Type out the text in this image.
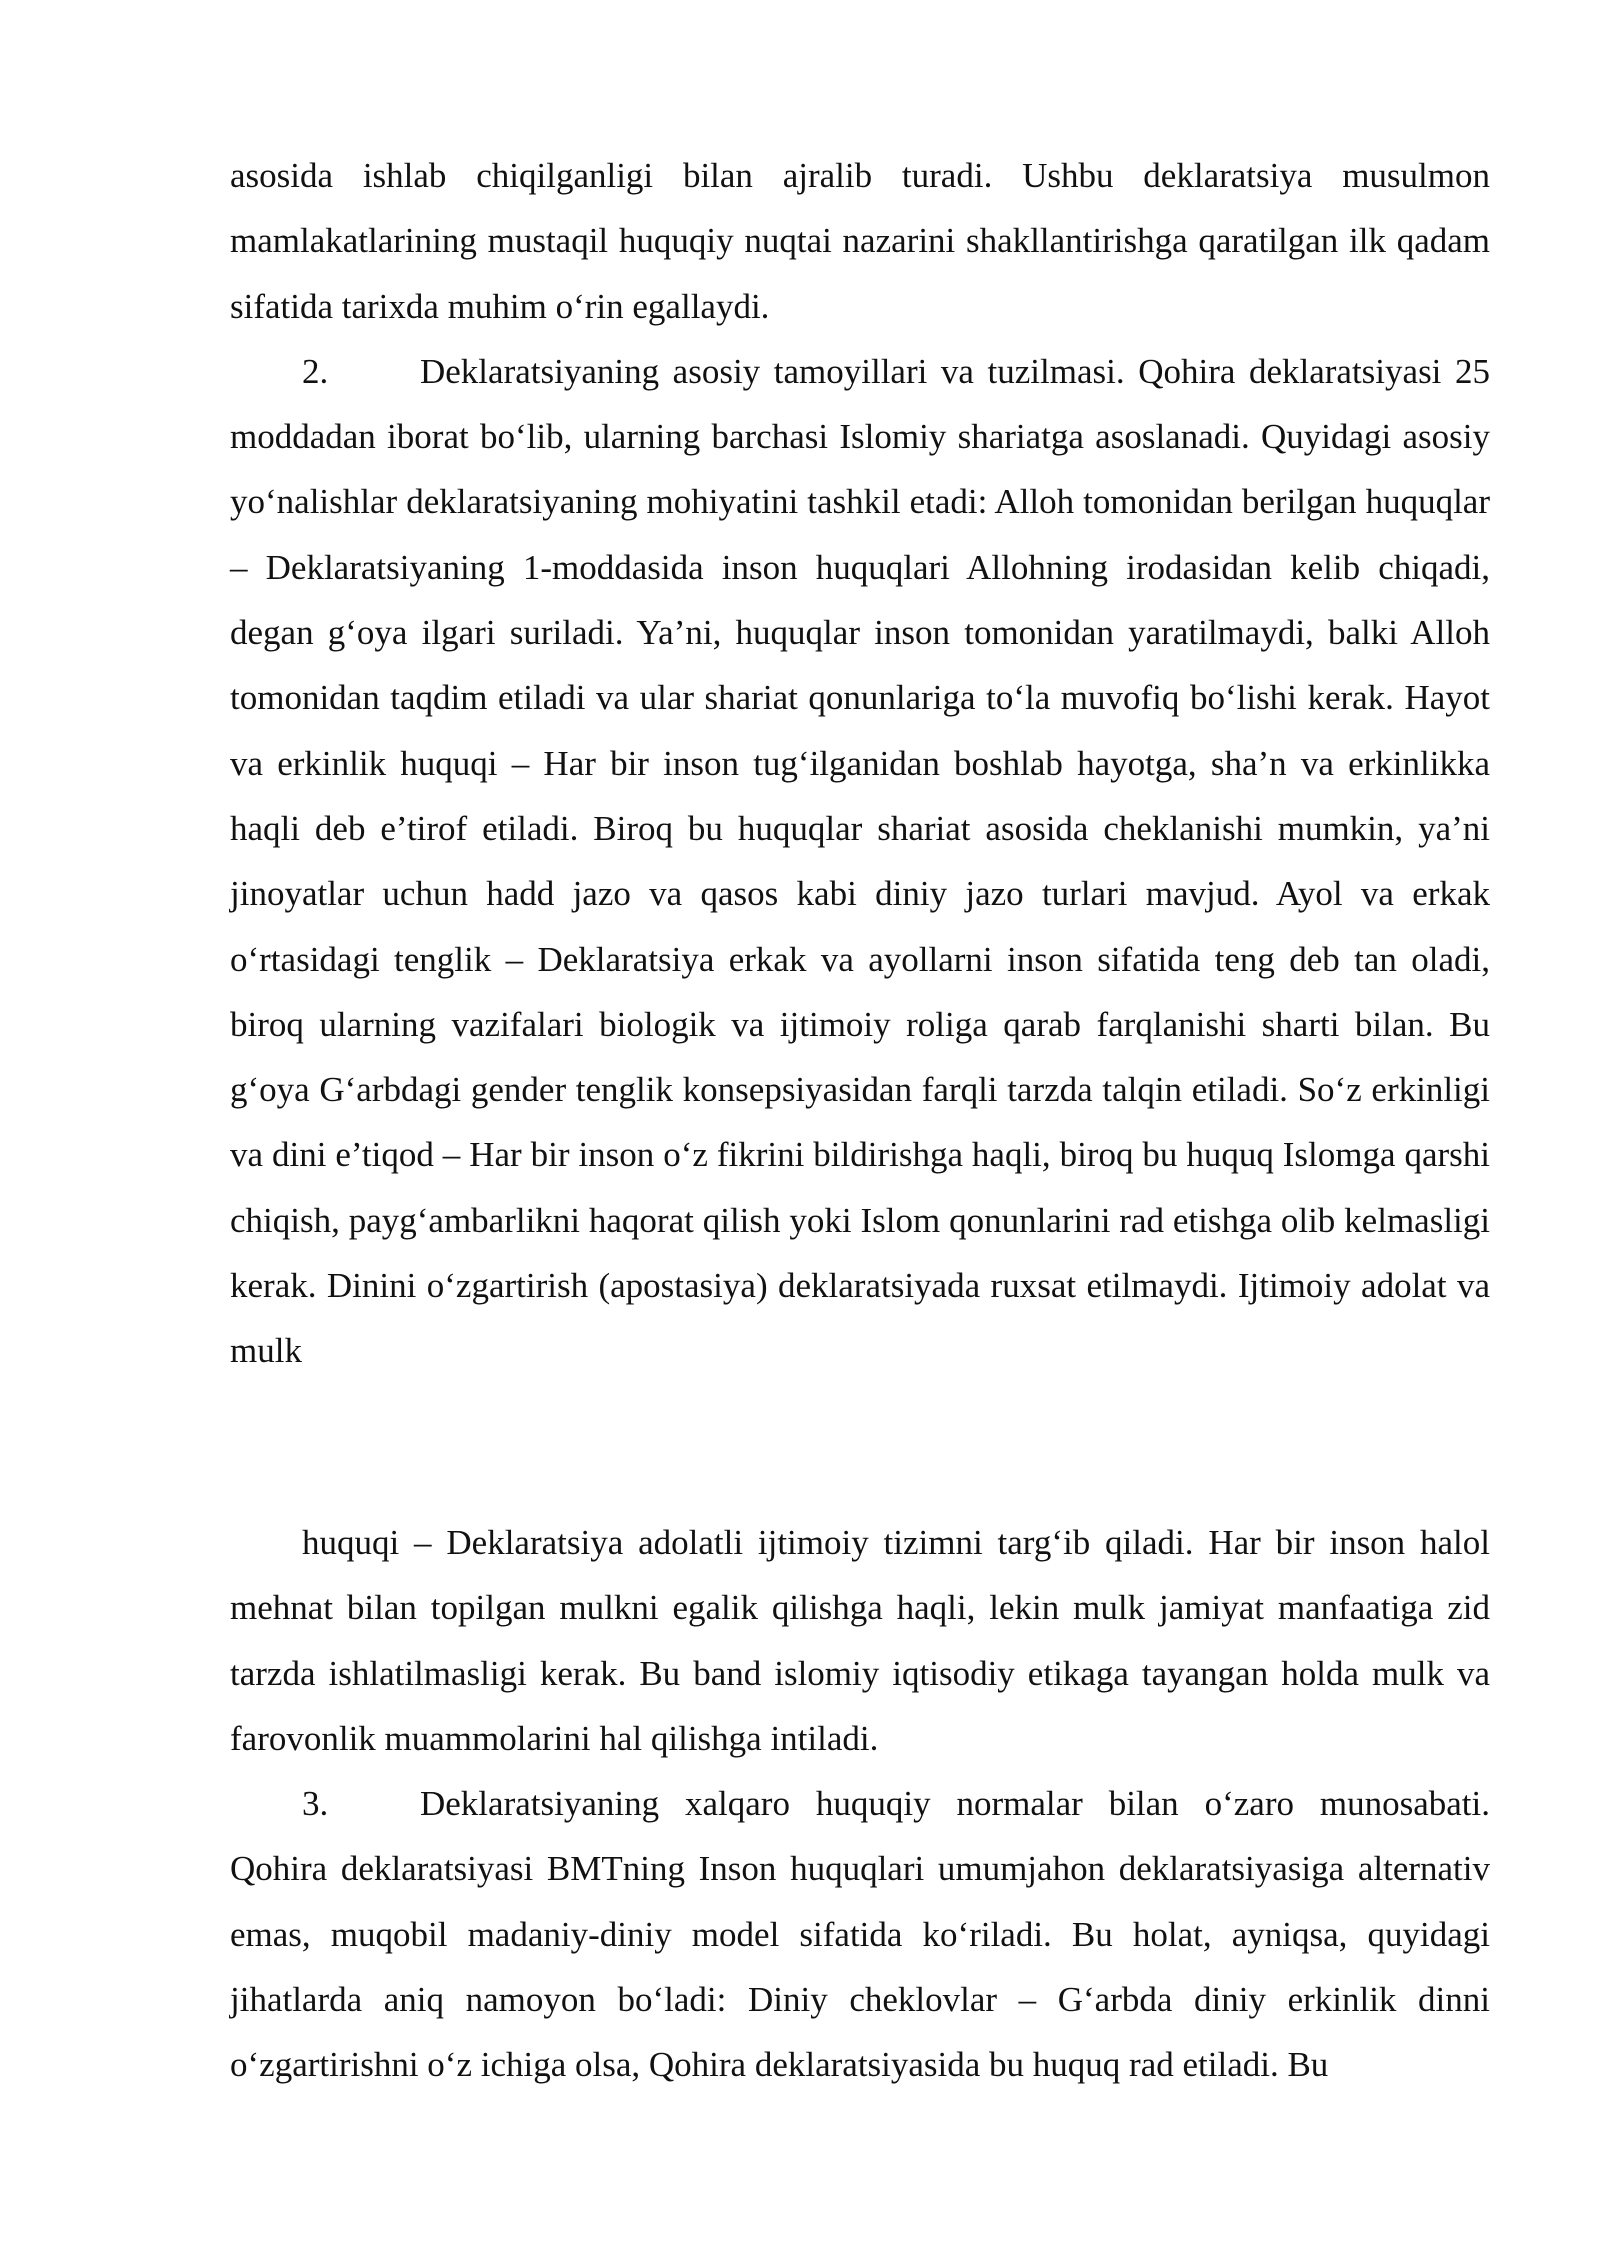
asosida ishlab chiqilganligi bilan ajralib turadi. Ushbu deklaratsiya musulmon mamlakatlarining mustaqil huquqiy nuqtai nazarini shakllantirishga qaratilgan ilk qadam sifatida tarixda muhim o‘rin egallaydi.

2.	Deklaratsiyaning asosiy tamoyillari va tuzilmasi. Qohira deklaratsiyasi 25 moddadan iborat bo‘lib, ularning barchasi Islomiy shariatga asoslanadi. Quyidagi asosiy yo‘nalishlar deklaratsiyaning mohiyatini tashkil etadi: Alloh tomonidan berilgan huquqlar – Deklaratsiyaning 1-moddasida inson huquqlari Allohning irodasidan kelib chiqadi, degan g‘oya ilgari suriladi. Ya’ni, huquqlar inson tomonidan yaratilmaydi, balki Alloh tomonidan taqdim etiladi va ular shariat qonunlariga to‘la muvofiq bo‘lishi kerak. Hayot va erkinlik huquqi – Har bir inson tug‘ilganidan boshlab hayotga, sha’n va erkinlikka haqli deb e’tirof etiladi. Biroq bu huquqlar shariat asosida cheklanishi mumkin, ya’ni jinoyatlar uchun hadd jazo va qasos kabi diniy jazo turlari mavjud. Ayol va erkak o‘rtasidagi tenglik – Deklaratsiya erkak va ayollarni inson sifatida teng deb tan oladi, biroq ularning vazifalari biologik va ijtimoiy roliga qarab farqlanishi sharti bilan. Bu g‘oya G‘arbdagi gender tenglik konsepsiyasidan farqli tarzda talqin etiladi. So‘z erkinligi va dini e’tiqod – Har bir inson o‘z fikrini bildirishga haqli, biroq bu huquq Islomga qarshi chiqish, payg‘ambarlikni haqorat qilish yoki Islom qonunlarini rad etishga olib kelmasligi kerak. Dinini o‘zgartirish (apostasiya) deklaratsiyada ruxsat etilmaydi. Ijtimoiy adolat va mulk

huquqi – Deklaratsiya adolatli ijtimoiy tizimni targ‘ib qiladi. Har bir inson halol mehnat bilan topilgan mulkni egalik qilishga haqli, lekin mulk jamiyat manfaatiga zid tarzda ishlatilmasligi kerak. Bu band islomiy iqtisodiy etikaga tayangan holda mulk va farovonlik muammolarini hal qilishga intiladi.

3.	Deklaratsiyaning xalqaro huquqiy normalar bilan o‘zaro munosabati. Qohira deklaratsiyasi BMTning Inson huquqlari umumjahon deklaratsiyasiga alternativ emas, muqobil madaniy-diniy model sifatida ko‘riladi. Bu holat, ayniqsa, quyidagi jihatlarda aniq namoyon bo‘ladi: Diniy cheklovlar – G‘arbda diniy erkinlik dinni o‘zgartirishni o‘z ichiga olsa, Qohira deklaratsiyasida bu huquq rad etiladi. Bu
